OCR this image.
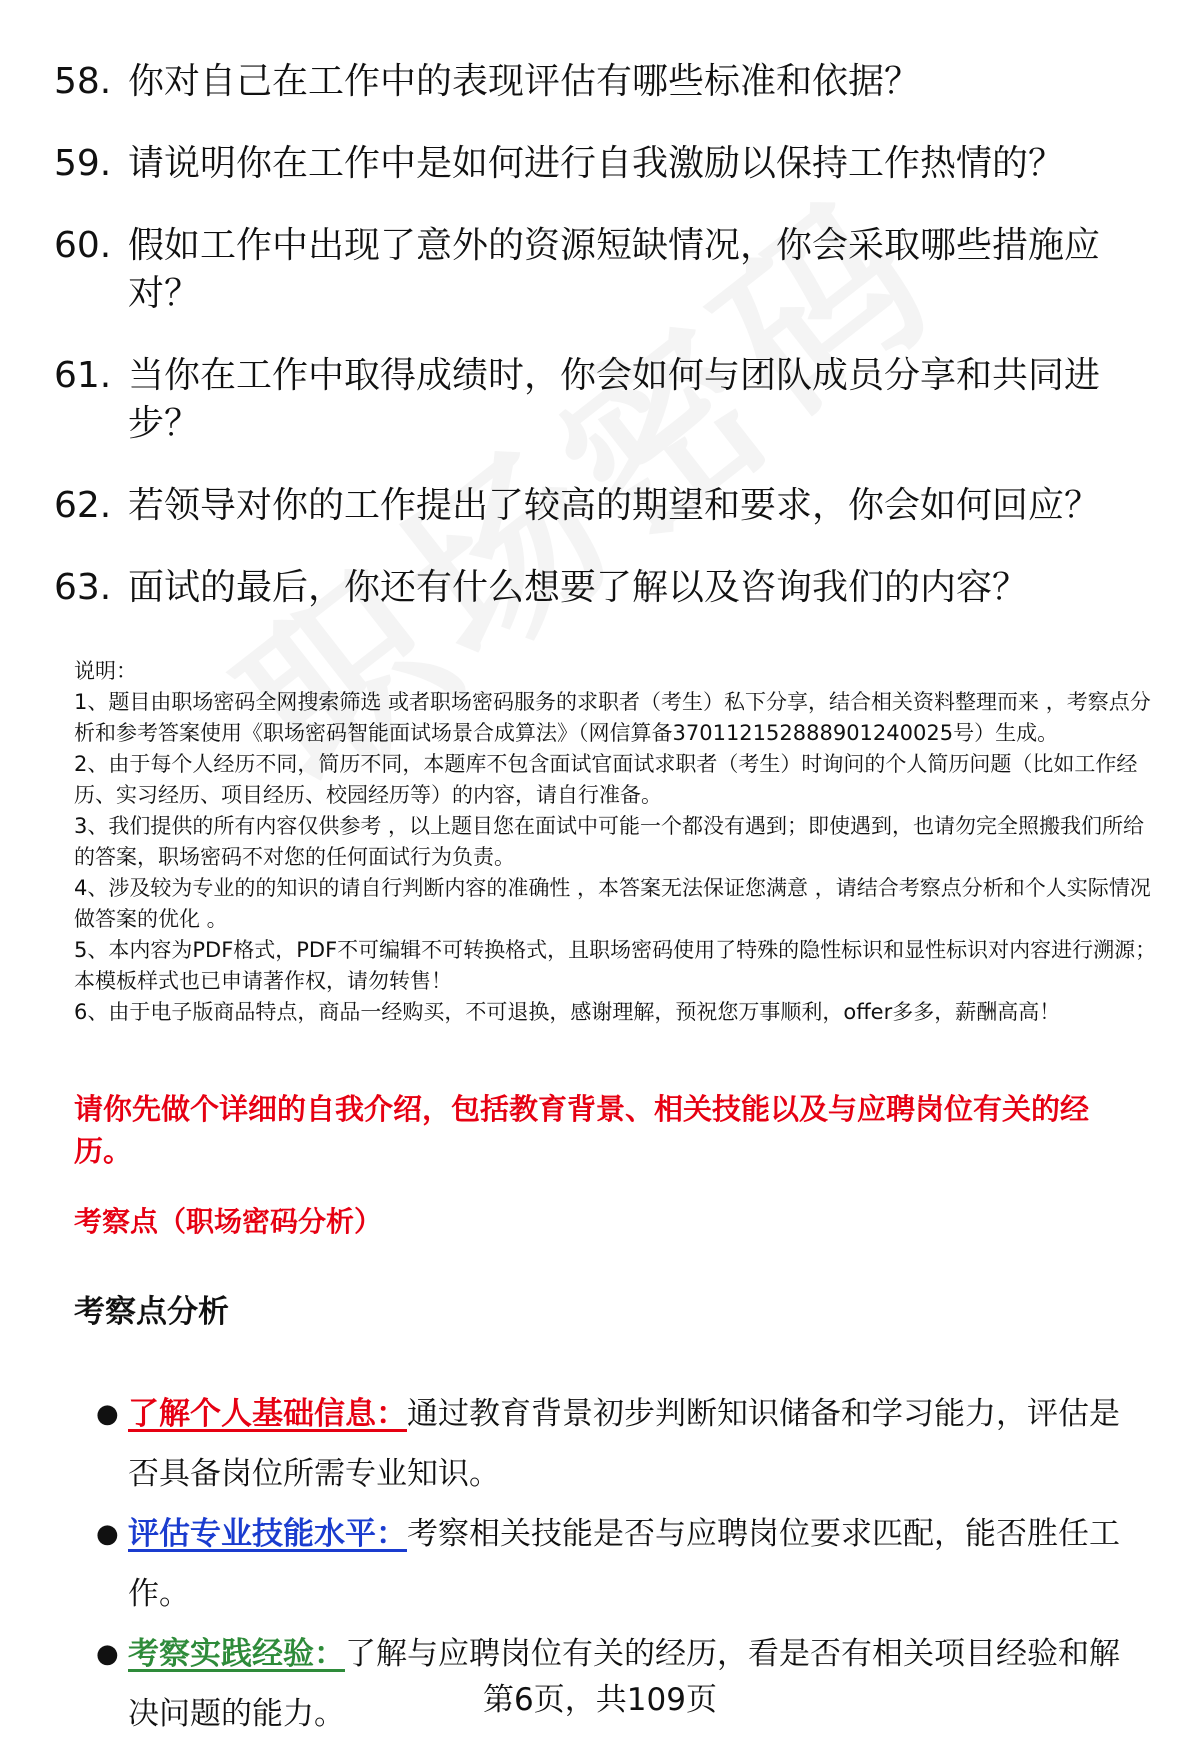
58. 你对自己在工作中的表现评估有哪些标准和依据？
59. 请说明你在工作中是如何进行自我激励以保持工作热情的？
60. 假如工作中出现了意外的资源短缺情况，你会采取哪些措施应对？
61. 当你在工作中取得成绩时，你会如何与团队成员分享和共同进步？
62. 若领导对你的工作提出了较高的期望和要求，你会如何回应？
63. 面试的最后，你还有什么想要了解以及咨询我们的内容？
说明：
1、题目由职场密码全网搜索筛选 或者职场密码服务的求职者（考生）私下分享，结合相关资料整理而来 ，考察点分析和参考答案使用《职场密码智能面试场景合成算法》（网信算备370112152888901240025号）生成。
2、由于每个人经历不同，简历不同，本题库不包含面试官面试求职者（考生）时询问的个人简历问题（比如工作经历、实习经历、项目经历、校园经历等）的内容，请自行准备。
3、我们提供的所有内容仅供参考 ，以上题目您在面试中可能一个都没有遇到；即使遇到，也请勿完全照搬我们所给的答案，职场密码不对您的任何面试行为负责。
4、涉及较为专业的的知识的请自行判断内容的准确性 ，本答案无法保证您满意 ，请结合考察点分析和个人实际情况做答案的优化 。
5、本内容为PDF格式，PDF不可编辑不可转换格式，且职场密码使用了特殊的隐性标识和显性标识对内容进行溯源；本模板样式也已申请著作权，请勿转售！
6、由于电子版商品特点，商品一经购买，不可退换，感谢理解，预祝您万事顺利，offer多多，薪酬高高！
请你先做个详细的自我介绍，包括教育背景、相关技能以及与应聘岗位有关的经历。
考察点（职场密码分析）
考察点分析
● 了解个人基础信息：通过教育背景初步判断知识储备和学习能力，评估是否具备岗位所需专业知识。
● 评估专业技能水平：考察相关技能是否与应聘岗位要求匹配，能否胜任工作。
● 考察实践经验：了解与应聘岗位有关的经历，看是否有相关项目经验和解决问题的能力。	第6页，共109页
